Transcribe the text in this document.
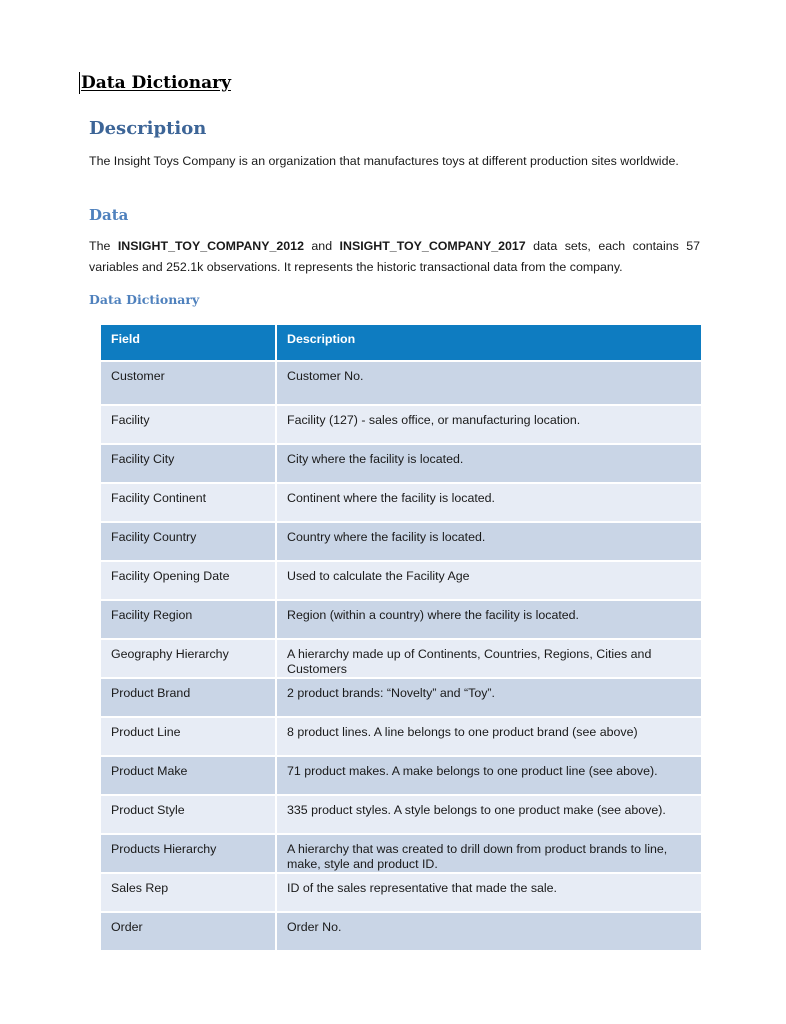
Data Dictionary
Description

The Insight Toys Company is an organization that manufactures toys at different production sites worldwide.

Data

The INSIGHT_TOY_COMPANY_2012 and INSIGHT_TOY_COMPANY_2017 data sets, each contains 57 variables and 252.1k observations. It represents the historic transactional data from the company.

Data Dictionary
Field	Description
Customer	Customer No.
Facility	Facility (127) - sales office, or manufacturing location.
Facility City	City where the facility is located.
Facility Continent	Continent where the facility is located.
Facility Country	Country where the facility is located.
Facility Opening Date	Used to calculate the Facility Age
Facility Region	Region (within a country) where the facility is located.
Geography Hierarchy	A hierarchy made up of Continents, Countries, Regions, Cities and Customers
Product Brand	2 product brands: “Novelty” and “Toy”.
Product Line	8 product lines. A line belongs to one product brand (see above)
Product Make	71 product makes. A make belongs to one product line (see above).
Product Style	335 product styles. A style belongs to one product make (see above).
Products Hierarchy	A hierarchy that was created to drill down from product brands to line, make, style and product ID.
Sales Rep	ID of the sales representative that made the sale.
Order	Order No.
